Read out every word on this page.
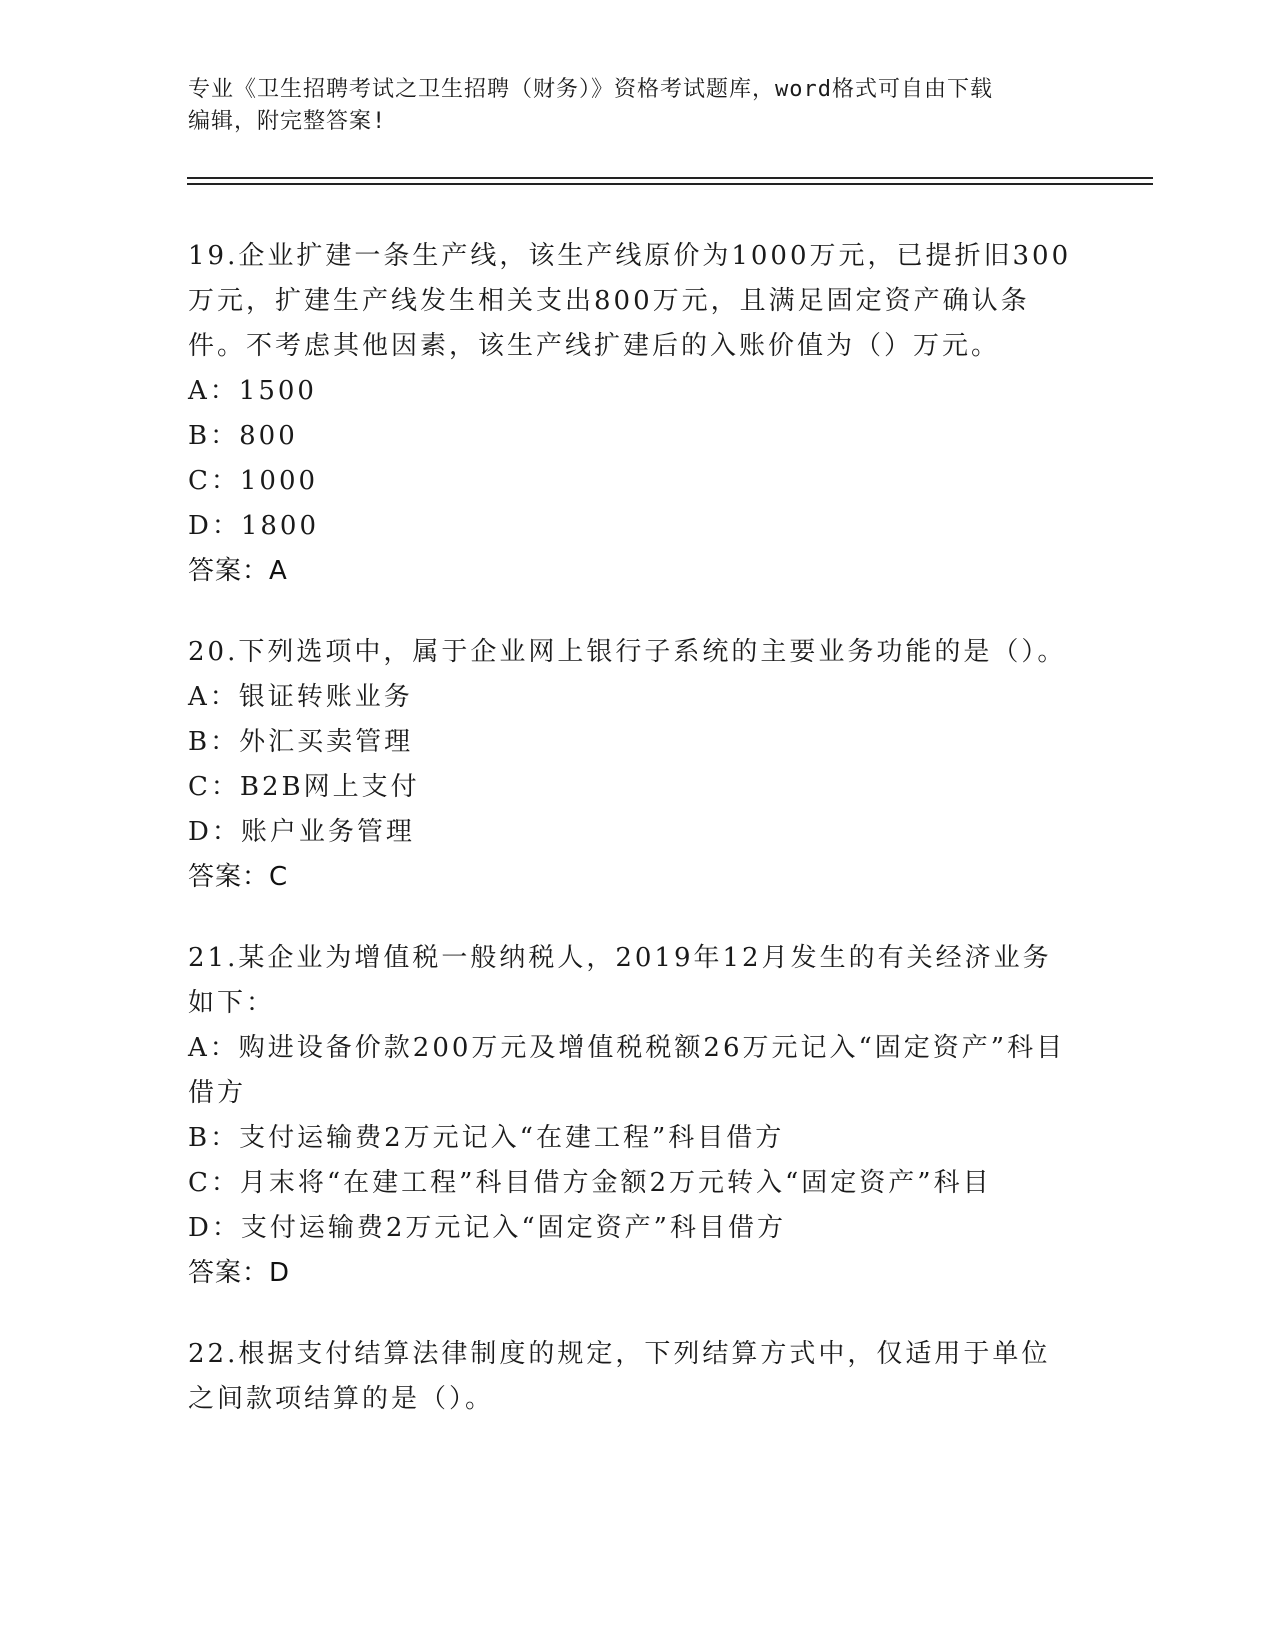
专业《卫生招聘考试之卫生招聘（财务）》资格考试题库，word格式可自由下载
编辑，附完整答案!

19.企业扩建一条生产线，该生产线原价为1000万元，已提折旧300万元，扩建生产线发生相关支出800万元，且满足固定资产确认条件。不考虑其他因素，该生产线扩建后的入账价值为（）万元。

A：1500

B：800

C：1000

D：1800

答案：A

20.下列选项中，属于企业网上银行子系统的主要业务功能的是（）。

A：银证转账业务

B：外汇买卖管理

C：B2B网上支付

D：账户业务管理

答案：C

21.某企业为增值税一般纳税人，2019年12月发生的有关经济业务如下：

A：购进设备价款200万元及增值税税额26万元记入“固定资产”科目借方

B：支付运输费2万元记入“在建工程”科目借方

C：月末将“在建工程”科目借方金额2万元转入“固定资产”科目

D：支付运输费2万元记入“固定资产”科目借方

答案：D

22.根据支付结算法律制度的规定，下列结算方式中，仅适用于单位之间款项结算的是（）。
